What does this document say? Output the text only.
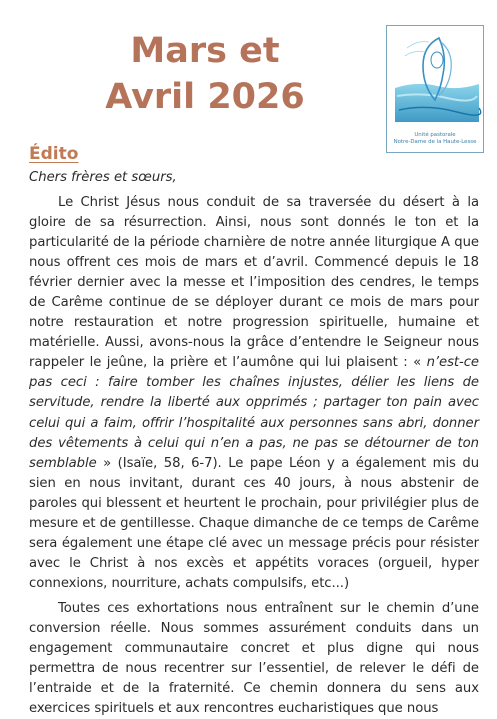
Mars et
Avril 2026
Unité pastorale
Notre-Dame de la Haute-Lesse
Édito
Chers frères et sœurs,

Le Christ Jésus nous conduit de sa traversée du désert à la gloire de sa résurrection. Ainsi, nous sont donnés le ton et la particularité de la période charnière de notre année liturgique A que nous offrent ces mois de mars et d’avril. Commencé depuis le 18 février dernier avec la messe et l’imposition des cendres, le temps de Carême continue de se déployer durant ce mois de mars pour notre restauration et notre progression spirituelle, humaine et matérielle. Aussi, avons-nous la grâce d’entendre le Seigneur nous rappeler le jeûne, la prière et l’aumône qui lui plaisent : « n’est-ce pas ceci : faire tomber les chaînes injustes, délier les liens de servitude, rendre la liberté aux opprimés ; partager ton pain avec celui qui a faim, offrir l’hospitalité aux personnes sans abri, donner des vêtements à celui qui n’en a pas, ne pas se détourner de ton semblable » (Isaïe, 58, 6-7). Le pape Léon y a également mis du sien en nous invitant, durant ces 40 jours, à nous abstenir de paroles qui blessent et heurtent le prochain, pour privilégier plus de mesure et de gentillesse. Chaque dimanche de ce temps de Carême sera également une étape clé avec un message précis pour résister avec le Christ à nos excès et appétits voraces (orgueil, hyper connexions, nourriture, achats compulsifs, etc...)

Toutes ces exhortations nous entraînent sur le chemin d’une conversion réelle. Nous sommes assurément conduits dans un engagement communautaire concret et plus digne qui nous permettra de nous recentrer sur l’essentiel, de relever le défi de l’entraide et de la fraternité. Ce chemin donnera du sens aux exercices spirituels et aux rencontres eucharistiques que nous
